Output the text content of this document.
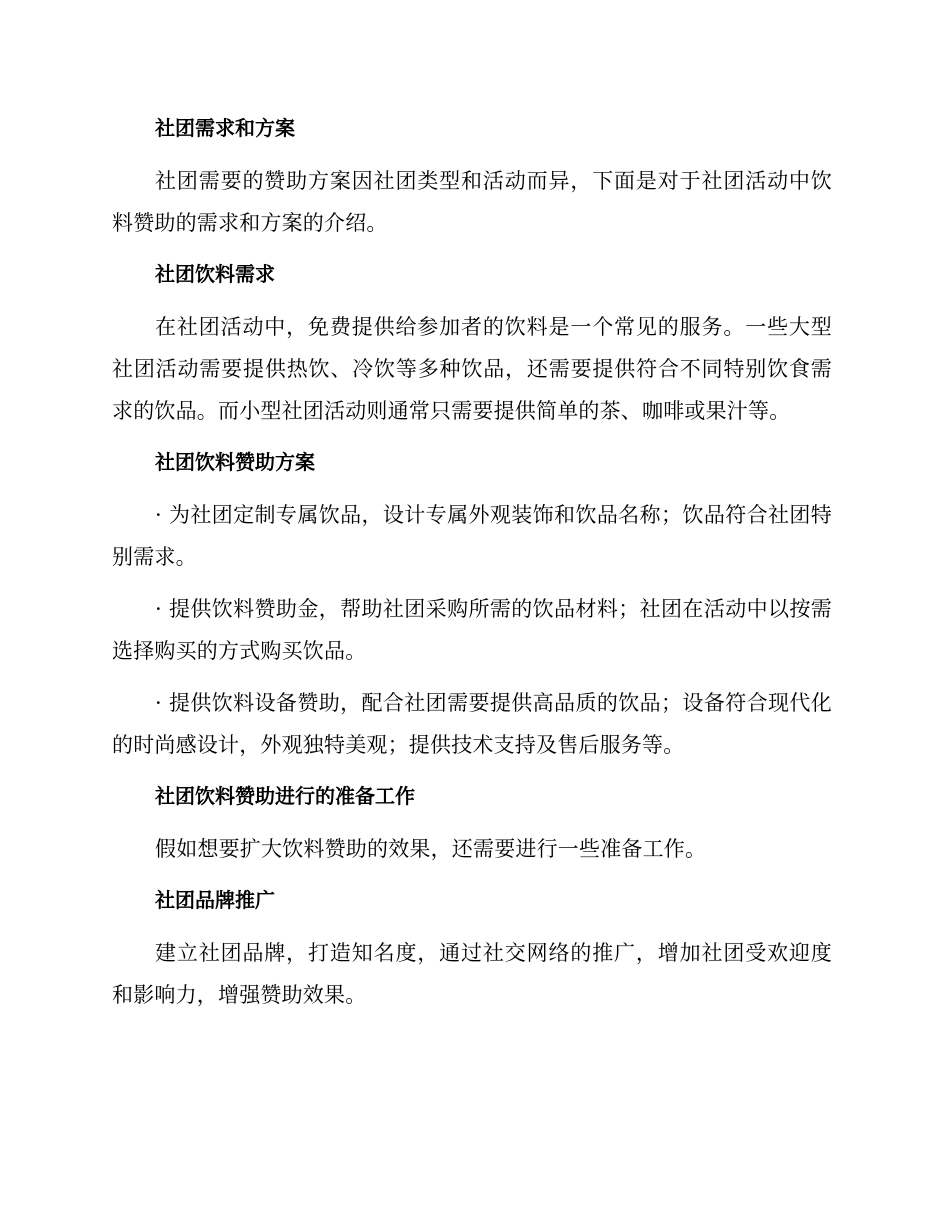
社团需求和方案

社团需要的赞助方案因社团类型和活动而异，下面是对于社团活动中饮料赞助的需求和方案的介绍。

社团饮料需求

在社团活动中，免费提供给参加者的饮料是一个常见的服务。一些大型社团活动需要提供热饮、冷饮等多种饮品，还需要提供符合不同特别饮食需求的饮品。而小型社团活动则通常只需要提供简单的茶、咖啡或果汁等。

社团饮料赞助方案

· 为社团定制专属饮品，设计专属外观装饰和饮品名称；饮品符合社团特别需求。

· 提供饮料赞助金，帮助社团采购所需的饮品材料；社团在活动中以按需选择购买的方式购买饮品。

· 提供饮料设备赞助，配合社团需要提供高品质的饮品；设备符合现代化的时尚感设计，外观独特美观；提供技术支持及售后服务等。

社团饮料赞助进行的准备工作

假如想要扩大饮料赞助的效果，还需要进行一些准备工作。

社团品牌推广

建立社团品牌，打造知名度，通过社交网络的推广，增加社团受欢迎度和影响力，增强赞助效果。
